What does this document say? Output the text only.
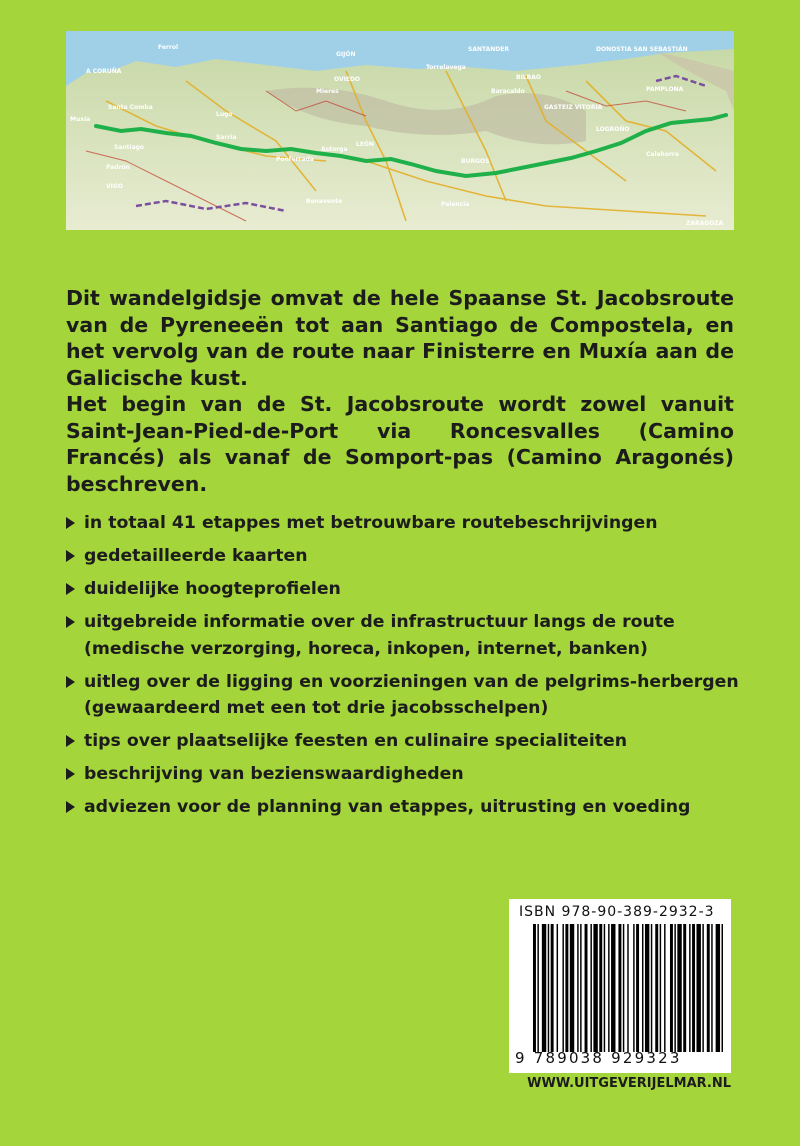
A CORUÑA
Ferrol
Muxía
Santa Comba
Santiago
Padrón
VIGO
Lugo
Sarria
Ponferrada
OVIEDO
GIJÓN
Mieres
LEÓN
Astorga
BURGOS
SANTANDER
BILBAO
GASTEIZ VITORIA
DONOSTIA SAN SEBASTIÁN
PAMPLONA
LOGROÑO
Palencia
Benavente
Calahorra
ZARAGOZA
Torrelavega
Baracaldo

Dit wandelgidsje omvat de hele Spaanse St. Jacobsroute van de Pyreneeën tot aan Santiago de Compostela, en het vervolg van de route naar Finisterre en Muxía aan de Galicische kust.

Het begin van de St. Jacobsroute wordt zowel vanuit Saint-Jean-Pied-de-Port via Roncesvalles (Camino Francés) als vanaf de Somport-pas (Camino Aragonés) beschreven.

in totaal 41 etappes met betrouwbare routebeschrijvingen
gedetailleerde kaarten
duidelijke hoogteprofielen
uitgebreide informatie over de infrastructuur langs de route (medische verzorging, horeca, inkopen, internet, banken)
uitleg over de ligging en voorzieningen van de pelgrims-herbergen (gewaardeerd met een tot drie jacobsschelpen)
tips over plaatselijke feesten en culinaire specialiteiten
beschrijving van bezienswaardigheden
adviezen voor de planning van etappes, uitrusting en voeding
ISBN 978-90-389-2932-3
9 789038 929323
WWW.UITGEVERIJELMAR.NL
